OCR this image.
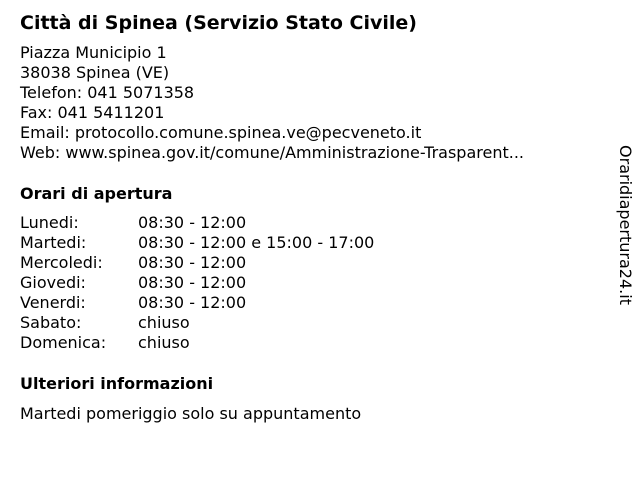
Città di Spinea (Servizio Stato Civile)
Piazza Municipio 1
38038 Spinea (VE)
Telefon: 041 5071358
Fax: 041 5411201
Email: protocollo.comune.spinea.ve@pecveneto.it
Web: www.spinea.gov.it/comune/Amministrazione-Trasparent...
Orari di apertura
Lunedi:	08:30 - 12:00
Martedi:	08:30 - 12:00 e 15:00 - 17:00
Mercoledi: 08:30 - 12:00
Giovedi:	08:30 - 12:00
Venerdi:	08:30 - 12:00
Sabato:	chiuso
Domenica: chiuso
Ulteriori informazioni
Martedi pomeriggio solo su appuntamento
Oraridiapertura24.it
